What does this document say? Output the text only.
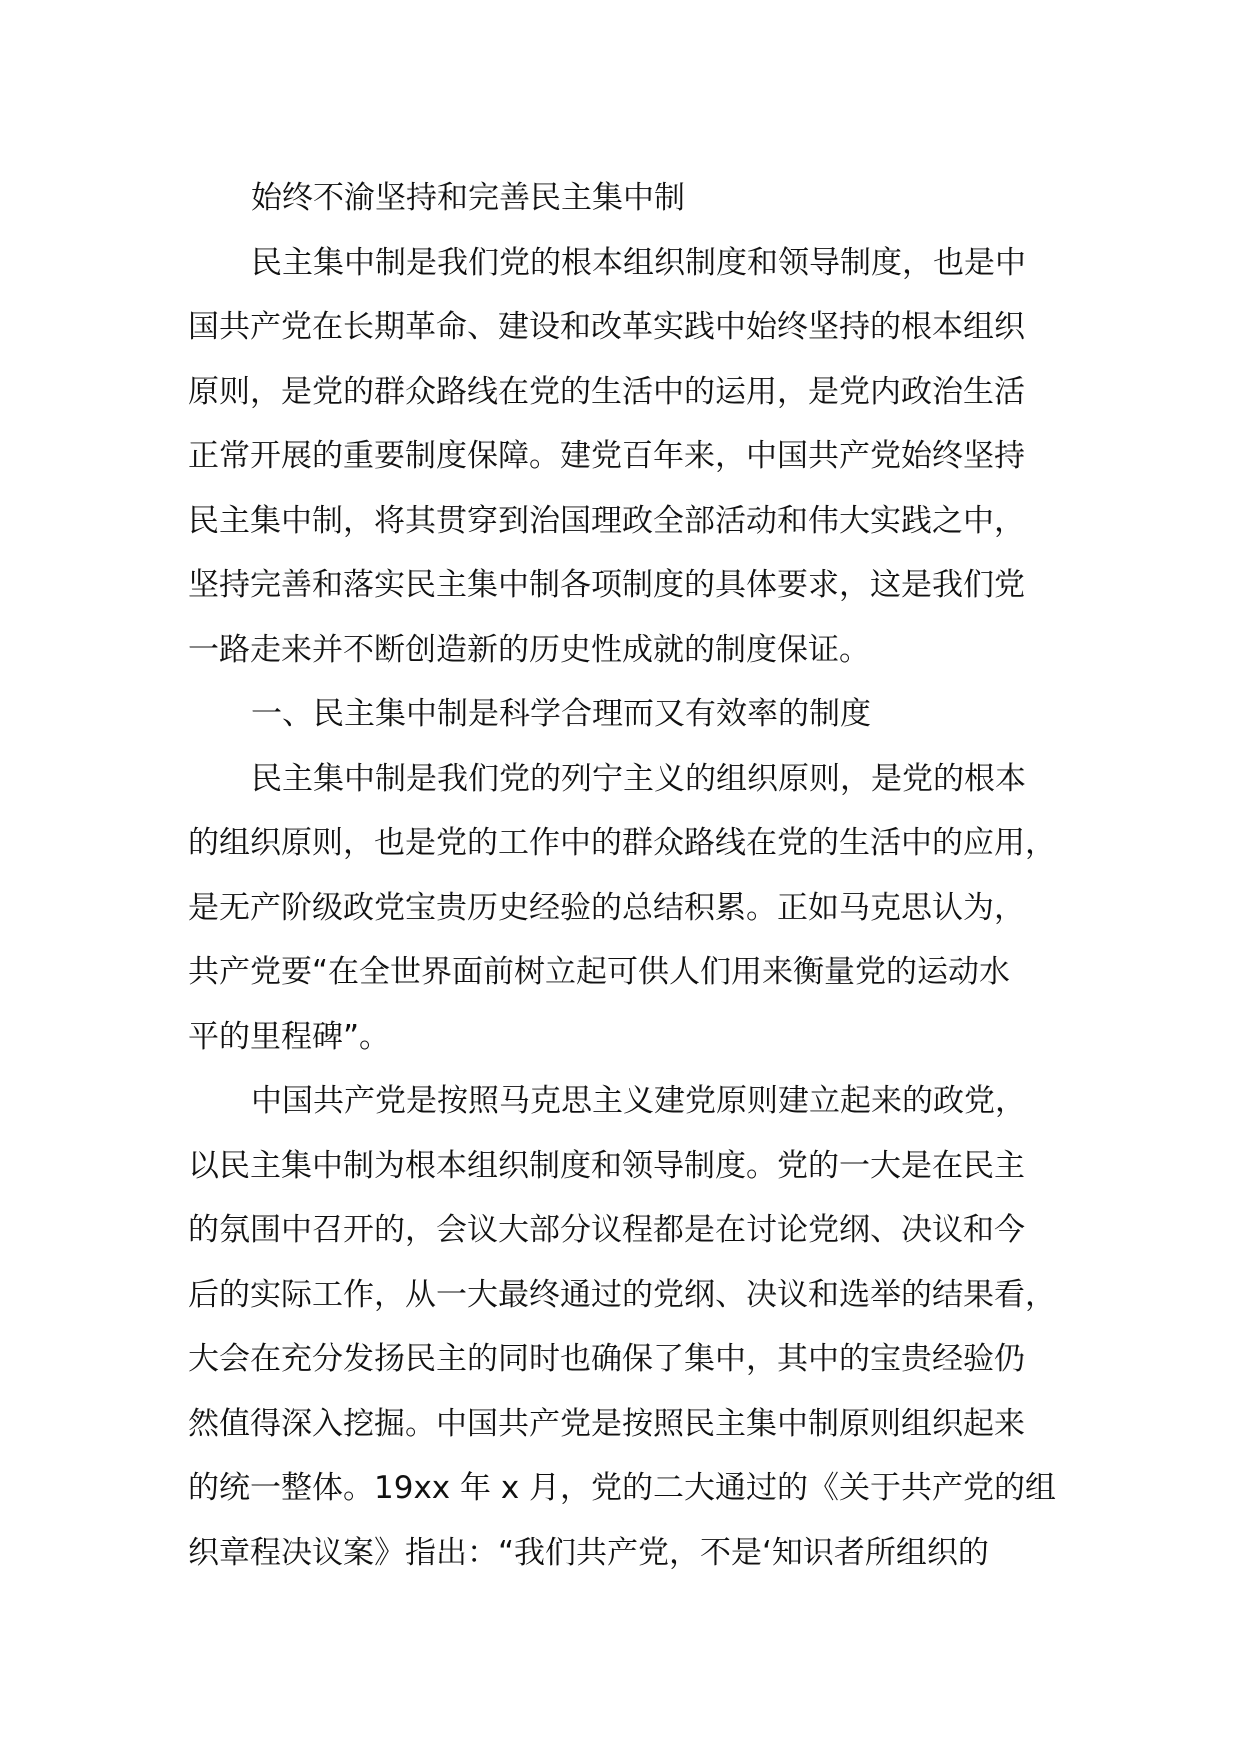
始终不渝坚持和完善民主集中制
民主集中制是我们党的根本组织制度和领导制度，也是中
国共产党在长期革命、建设和改革实践中始终坚持的根本组织
原则，是党的群众路线在党的生活中的运用，是党内政治生活
正常开展的重要制度保障。建党百年来，中国共产党始终坚持
民主集中制，将其贯穿到治国理政全部活动和伟大实践之中，
坚持完善和落实民主集中制各项制度的具体要求，这是我们党
一路走来并不断创造新的历史性成就的制度保证。
一、民主集中制是科学合理而又有效率的制度
民主集中制是我们党的列宁主义的组织原则，是党的根本
的组织原则，也是党的工作中的群众路线在党的生活中的应用，
是无产阶级政党宝贵历史经验的总结积累。正如马克思认为，
共产党要“在全世界面前树立起可供人们用来衡量党的运动水
平的里程碑”。
中国共产党是按照马克思主义建党原则建立起来的政党，
以民主集中制为根本组织制度和领导制度。党的一大是在民主
的氛围中召开的，会议大部分议程都是在讨论党纲、决议和今
后的实际工作，从一大最终通过的党纲、决议和选举的结果看，
大会在充分发扬民主的同时也确保了集中，其中的宝贵经验仍
然值得深入挖掘。中国共产党是按照民主集中制原则组织起来
的统一整体。19xx 年 x 月，党的二大通过的《关于共产党的组
织章程决议案》指出：“我们共产党，不是‘知识者所组织的
